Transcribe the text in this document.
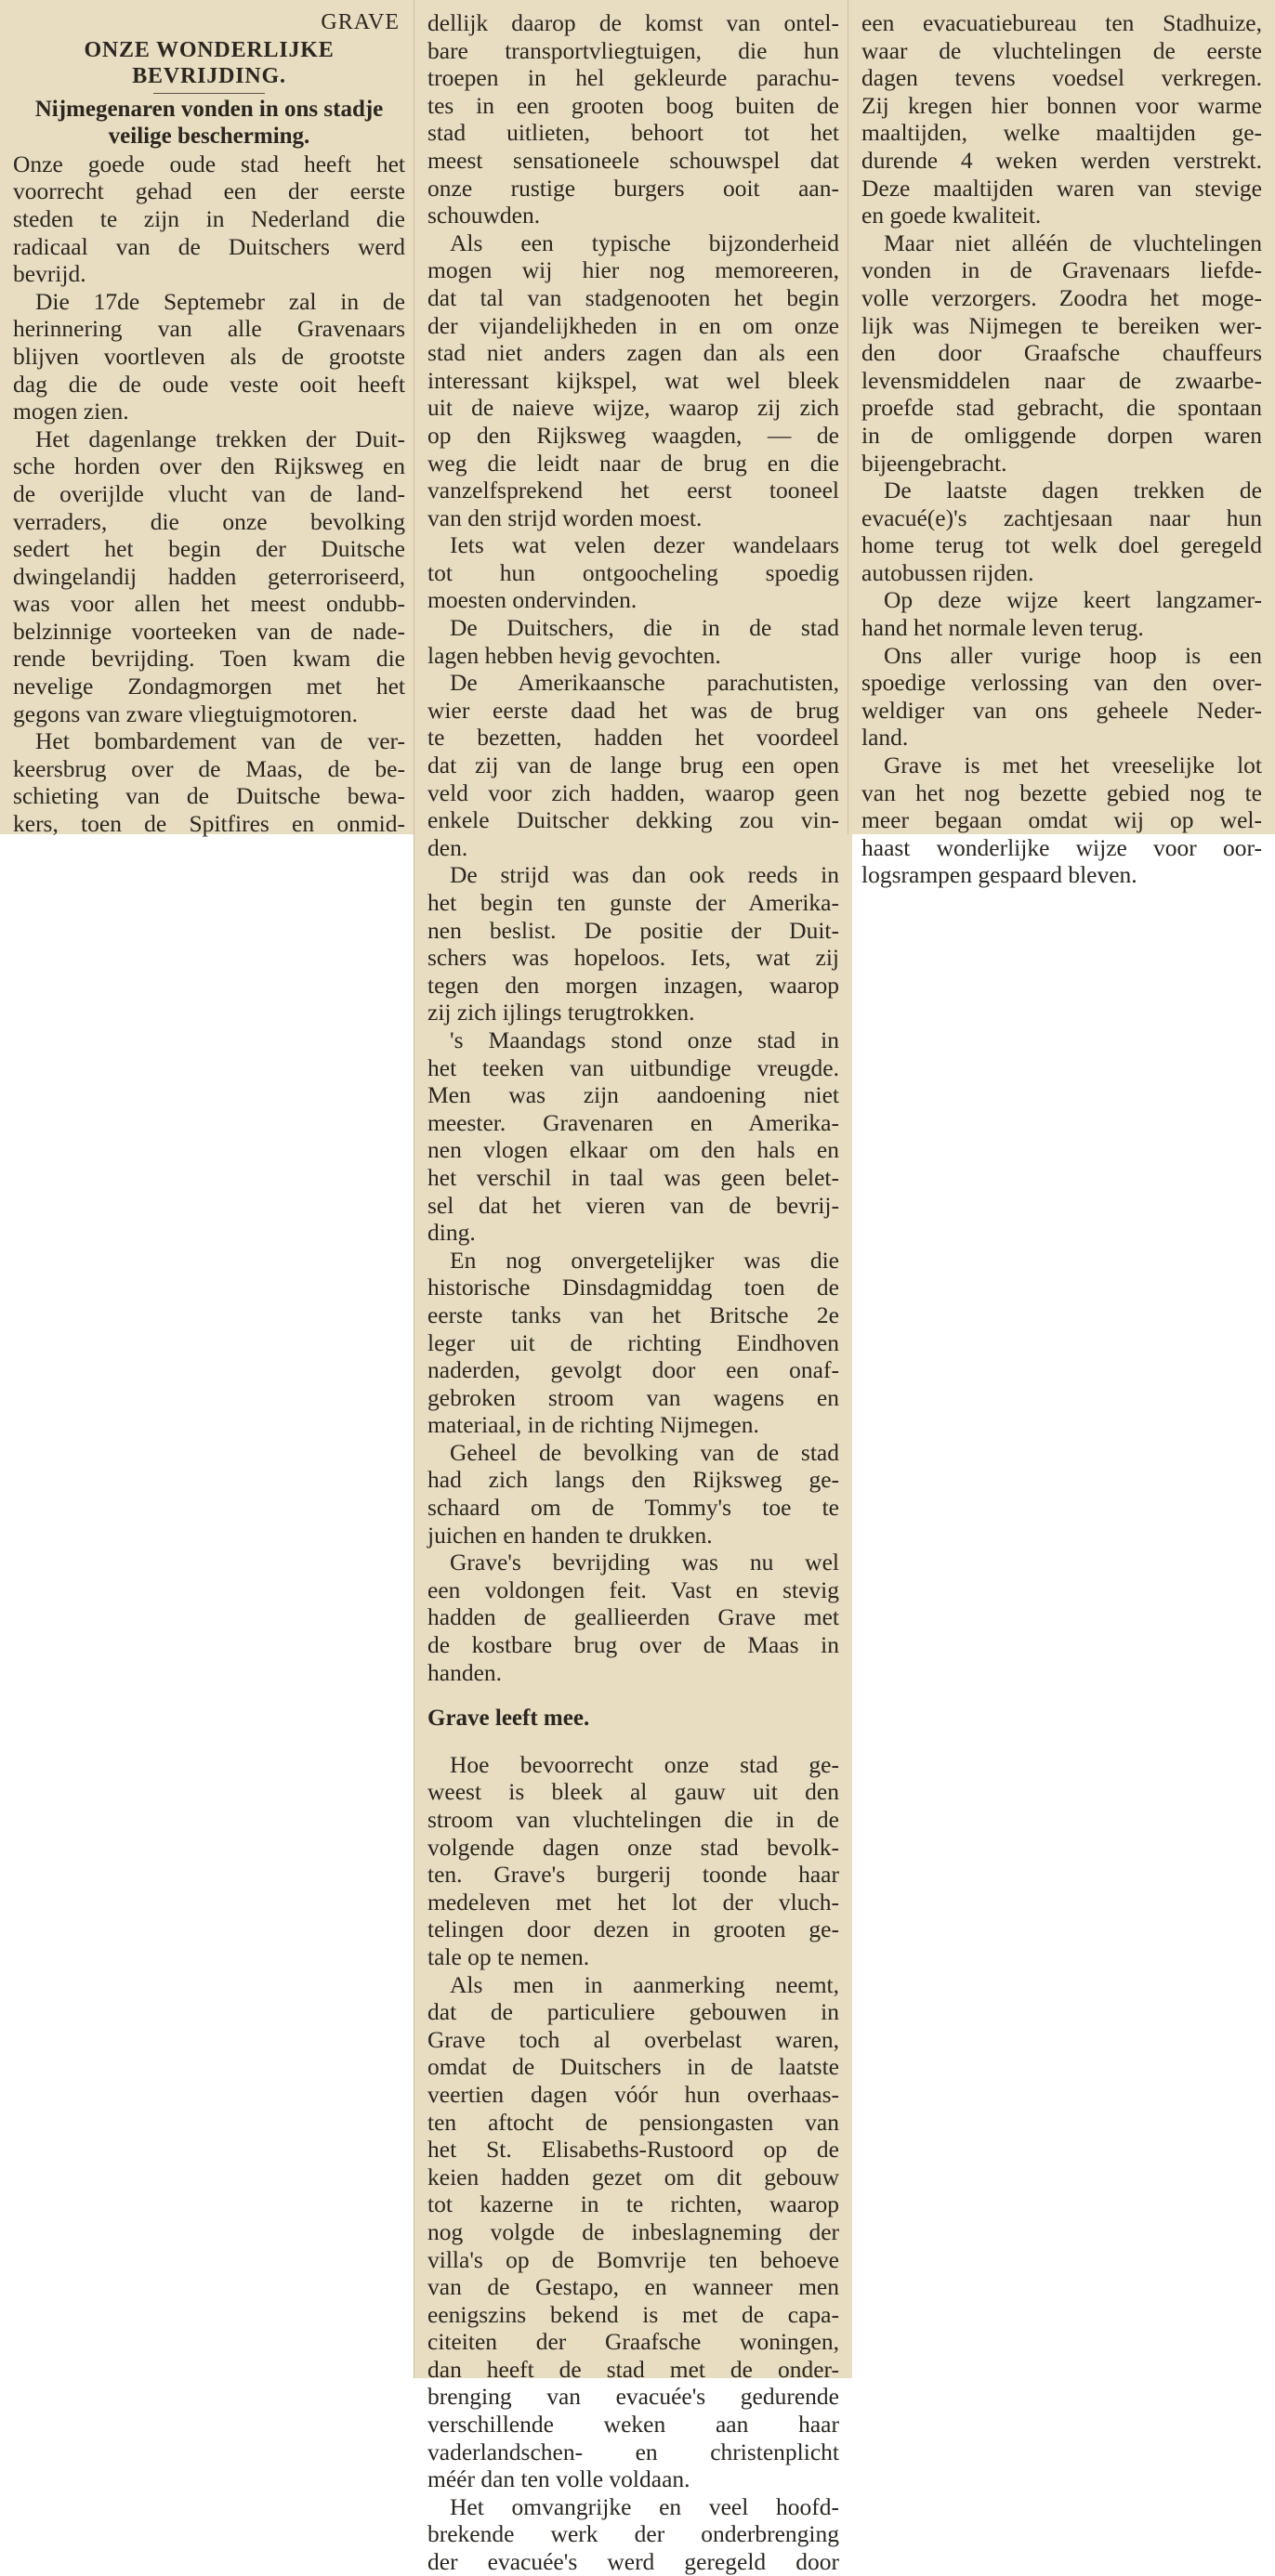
GRAVE
ONZE WONDERLIJKE
BEVRIJDING.
Nijmegenaren vonden in ons stadje
veilige bescherming.
Onze goede oude stad heeft het
voorrecht gehad een der eerste
steden te zijn in Nederland die
radicaal van de Duitschers werd
bevrijd.
Die 17de Septemebr zal in de
herinnering van alle Gravenaars
blijven voortleven als de grootste
dag die de oude veste ooit heeft
mogen zien.
Het dagenlange trekken der Duit-
sche horden over den Rijksweg en
de overijlde vlucht van de land-
verraders, die onze bevolking
sedert het begin der Duitsche
dwingelandij hadden geterroriseerd,
was voor allen het meest ondubb-
belzinnige voorteeken van de nade-
rende bevrijding. Toen kwam die
nevelige Zondagmorgen met het
gegons van zware vliegtuigmotoren.
Het bombardement van de ver-
keersbrug over de Maas, de be-
schieting van de Duitsche bewa-
kers, toen de Spitfires en onmid-
dellijk daarop de komst van ontel-
bare transportvliegtuigen, die hun
troepen in hel gekleurde parachu-
tes in een grooten boog buiten de
stad uitlieten, behoort tot het
meest sensationeele schouwspel dat
onze rustige burgers ooit aan-
schouwden.
Als een typische bijzonderheid
mogen wij hier nog memoreeren,
dat tal van stadgenooten het begin
der vijandelijkheden in en om onze
stad niet anders zagen dan als een
interessant kijkspel, wat wel bleek
uit de naieve wijze, waarop zij zich
op den Rijksweg waagden, — de
weg die leidt naar de brug en die
vanzelfsprekend het eerst tooneel
van den strijd worden moest.
Iets wat velen dezer wandelaars
tot hun ontgoocheling spoedig
moesten ondervinden.
De Duitschers, die in de stad
lagen hebben hevig gevochten.
De Amerikaansche parachutisten,
wier eerste daad het was de brug
te bezetten, hadden het voordeel
dat zij van de lange brug een open
veld voor zich hadden, waarop geen
enkele Duitscher dekking zou vin-
den.
De strijd was dan ook reeds in
het begin ten gunste der Amerika-
nen beslist. De positie der Duit-
schers was hopeloos. Iets, wat zij
tegen den morgen inzagen, waarop
zij zich ijlings terugtrokken.
's Maandags stond onze stad in
het teeken van uitbundige vreugde.
Men was zijn aandoening niet
meester. Gravenaren en Amerika-
nen vlogen elkaar om den hals en
het verschil in taal was geen belet-
sel dat het vieren van de bevrij-
ding.
En nog onvergetelijker was die
historische Dinsdagmiddag toen de
eerste tanks van het Britsche 2e
leger uit de richting Eindhoven
naderden, gevolgt door een onaf-
gebroken stroom van wagens en
materiaal, in de richting Nijmegen.
Geheel de bevolking van de stad
had zich langs den Rijksweg ge-
schaard om de Tommy's toe te
juichen en handen te drukken.
Grave's bevrijding was nu wel
een voldongen feit. Vast en stevig
hadden de geallieerden Grave met
de kostbare brug over de Maas in
handen.
Grave leeft mee.
Hoe bevoorrecht onze stad ge-
weest is bleek al gauw uit den
stroom van vluchtelingen die in de
volgende dagen onze stad bevolk-
ten. Grave's burgerij toonde haar
medeleven met het lot der vluch-
telingen door dezen in grooten ge-
tale op te nemen.
Als men in aanmerking neemt,
dat de particuliere gebouwen in
Grave toch al overbelast waren,
omdat de Duitschers in de laatste
veertien dagen vóór hun overhaas-
ten aftocht de pensiongasten van
het St. Elisabeths-Rustoord op de
keien hadden gezet om dit gebouw
tot kazerne in te richten, waarop
nog volgde de inbeslagneming der
villa's op de Bomvrije ten behoeve
van de Gestapo, en wanneer men
eenigszins bekend is met de capa-
citeiten der Graafsche woningen,
dan heeft de stad met de onder-
brenging van evacuée's gedurende
verschillende weken aan haar
vaderlandschen- en christenplicht
méér dan ten volle voldaan.
Het omvangrijke en veel hoofd-
brekende werk der onderbrenging
der evacuée's werd geregeld door
een evacuatiebureau ten Stadhuize,
waar de vluchtelingen de eerste
dagen tevens voedsel verkregen.
Zij kregen hier bonnen voor warme
maaltijden, welke maaltijden ge-
durende 4 weken werden verstrekt.
Deze maaltijden waren van stevige
en goede kwaliteit.
Maar niet alléén de vluchtelingen
vonden in de Gravenaars liefde-
volle verzorgers. Zoodra het moge-
lijk was Nijmegen te bereiken wer-
den door Graafsche chauffeurs
levensmiddelen naar de zwaarbe-
proefde stad gebracht, die spontaan
in de omliggende dorpen waren
bijeengebracht.
De laatste dagen trekken de
evacué(e)'s zachtjesaan naar hun
home terug tot welk doel geregeld
autobussen rijden.
Op deze wijze keert langzamer-
hand het normale leven terug.
Ons aller vurige hoop is een
spoedige verlossing van den over-
weldiger van ons geheele Neder-
land.
Grave is met het vreeselijke lot
van het nog bezette gebied nog te
meer begaan omdat wij op wel-
haast wonderlijke wijze voor oor-
logsrampen gespaard bleven.
